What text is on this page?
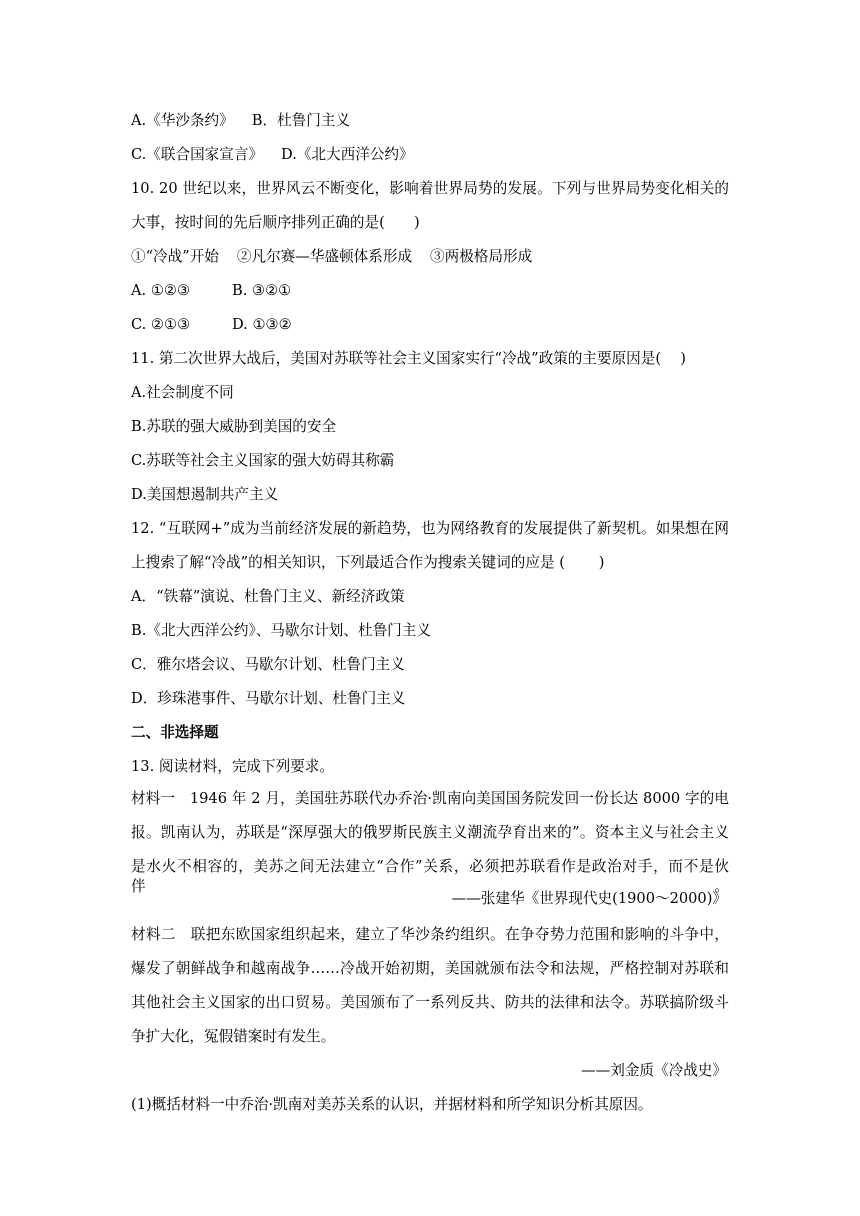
A.《华沙条约》 B．杜鲁门主义
C.《联合国家宣言》 D.《北大西洋公约》
10. 20 世纪以来，世界风云不断变化，影响着世界局势的发展。下列与世界局势变化相关的
大事，按时间的先后顺序排列正确的是(　　)
①“冷战”开始 ②凡尔赛—华盛顿体系形成 ③两极格局形成
A. ①②③	B. ③②①
C. ②①③	D. ①③②
11. 第二次世界大战后，美国对苏联等社会主义国家实行“冷战”政策的主要原因是(　 )
A.社会制度不同
B.苏联的强大威胁到美国的安全
C.苏联等社会主义国家的强大妨碍其称霸
D.美国想遏制共产主义
12. “互联网+”成为当前经济发展的新趋势，也为网络教育的发展提供了新契机。如果想在网
上搜索了解“冷战”的相关知识，下列最适合作为搜索关键词的应是 (　　 )
A．“铁幕”演说、杜鲁门主义、新经济政策
B.《北大西洋公约》、马歇尔计划、杜鲁门主义
C．雅尔塔会议、马歇尔计划、杜鲁门主义
D．珍珠港事件、马歇尔计划、杜鲁门主义
二、非选择题
13. 阅读材料，完成下列要求。
材料一　1946 年 2 月，美国驻苏联代办乔治·凯南向美国国务院发回一份长达 8000 字的电
报。凯南认为，苏联是“深厚强大的俄罗斯民族主义潮流孕育出来的”。资本主义与社会主义
是水火不相容的，美苏之间无法建立“合作”关系，必须把苏联看作是政治对手，而不是伙伴。
——张建华《世界现代史(1900～2000)》
材料二　联把东欧国家组织起来，建立了华沙条约组织。在争夺势力范围和影响的斗争中，
爆发了朝鲜战争和越南战争……冷战开始初期，美国就颁布法令和法规，严格控制对苏联和
其他社会主义国家的出口贸易。美国颁布了一系列反共、防共的法律和法令。苏联搞阶级斗
争扩大化，冤假错案时有发生。
——刘金质《冷战史》
(1)概括材料一中乔治·凯南对美苏关系的认识，并据材料和所学知识分析其原因。
